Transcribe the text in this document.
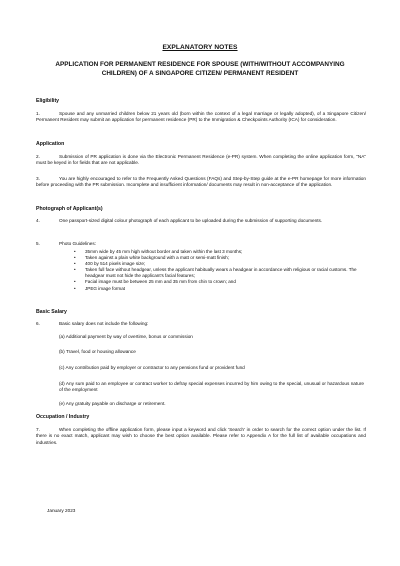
EXPLANATORY NOTES
APPLICATION FOR PERMANENT RESIDENCE FOR SPOUSE (WITH/WITHOUT ACCOMPANYING CHILDREN) OF A SINGAPORE CITIZEN/ PERMANENT RESIDENT
Eligibility
1.	Spouse and any unmarried children below 21 years old (born within the context of a legal marriage or legally adopted), of a Singapore Citizen/ Permanent Resident may submit an application for permanent residence (PR) to the Immigration & Checkpoints Authority (ICA) for consideration.
Application
2.	Submission of PR application is done via the Electronic Permanent Residence (e-PR) system. When completing the online application form, "NA" must be keyed in for fields that are not applicable.
3.	You are highly encouraged to refer to the Frequently Asked Questions (FAQs) and Step-by-Step guide at the e-PR homepage for more information before proceeding with the PR submission. Incomplete and insufficient information/ documents may result in non-acceptance of the application.
Photograph of Applicant(s)
4.	One passport-sized digital colour photograph of each applicant to be uploaded during the submission of supporting documents.
5.	Photo Guidelines:
• 35mm wide by 45 mm high without border and taken within the last 3 months;
• Taken against a plain white background with a matt or semi-matt finish;
• 400 by 514 pixels image size;
• Taken full face without headgear, unless the applicant habitually wears a headgear in accordance with religious or racial customs. The headgear must not hide the applicant's facial features;
• Facial image must be between 25 mm and 35 mm from chin to crown; and
• JPEG image format
Basic Salary
6.	Basic salary does not include the following:
(a) Additional payment by way of overtime, bonus or commission
(b) Travel, food or housing allowance
(c) Any contribution paid by employer or contractor to any pensions fund or provident fund
(d) Any sum paid to an employee or contract worker to defray special expenses incurred by him owing to the special, unusual or hazardous nature of the employment
(e) Any gratuity payable on discharge or retirement.
Occupation / Industry
7.	When completing the offline application form, please input a keyword and click 'Search' in order to search for the correct option under the list. If there is no exact match, applicant may wish to choose the best option available. Please refer to Appendix A for the full list of available occupations and industries.
January 2023
